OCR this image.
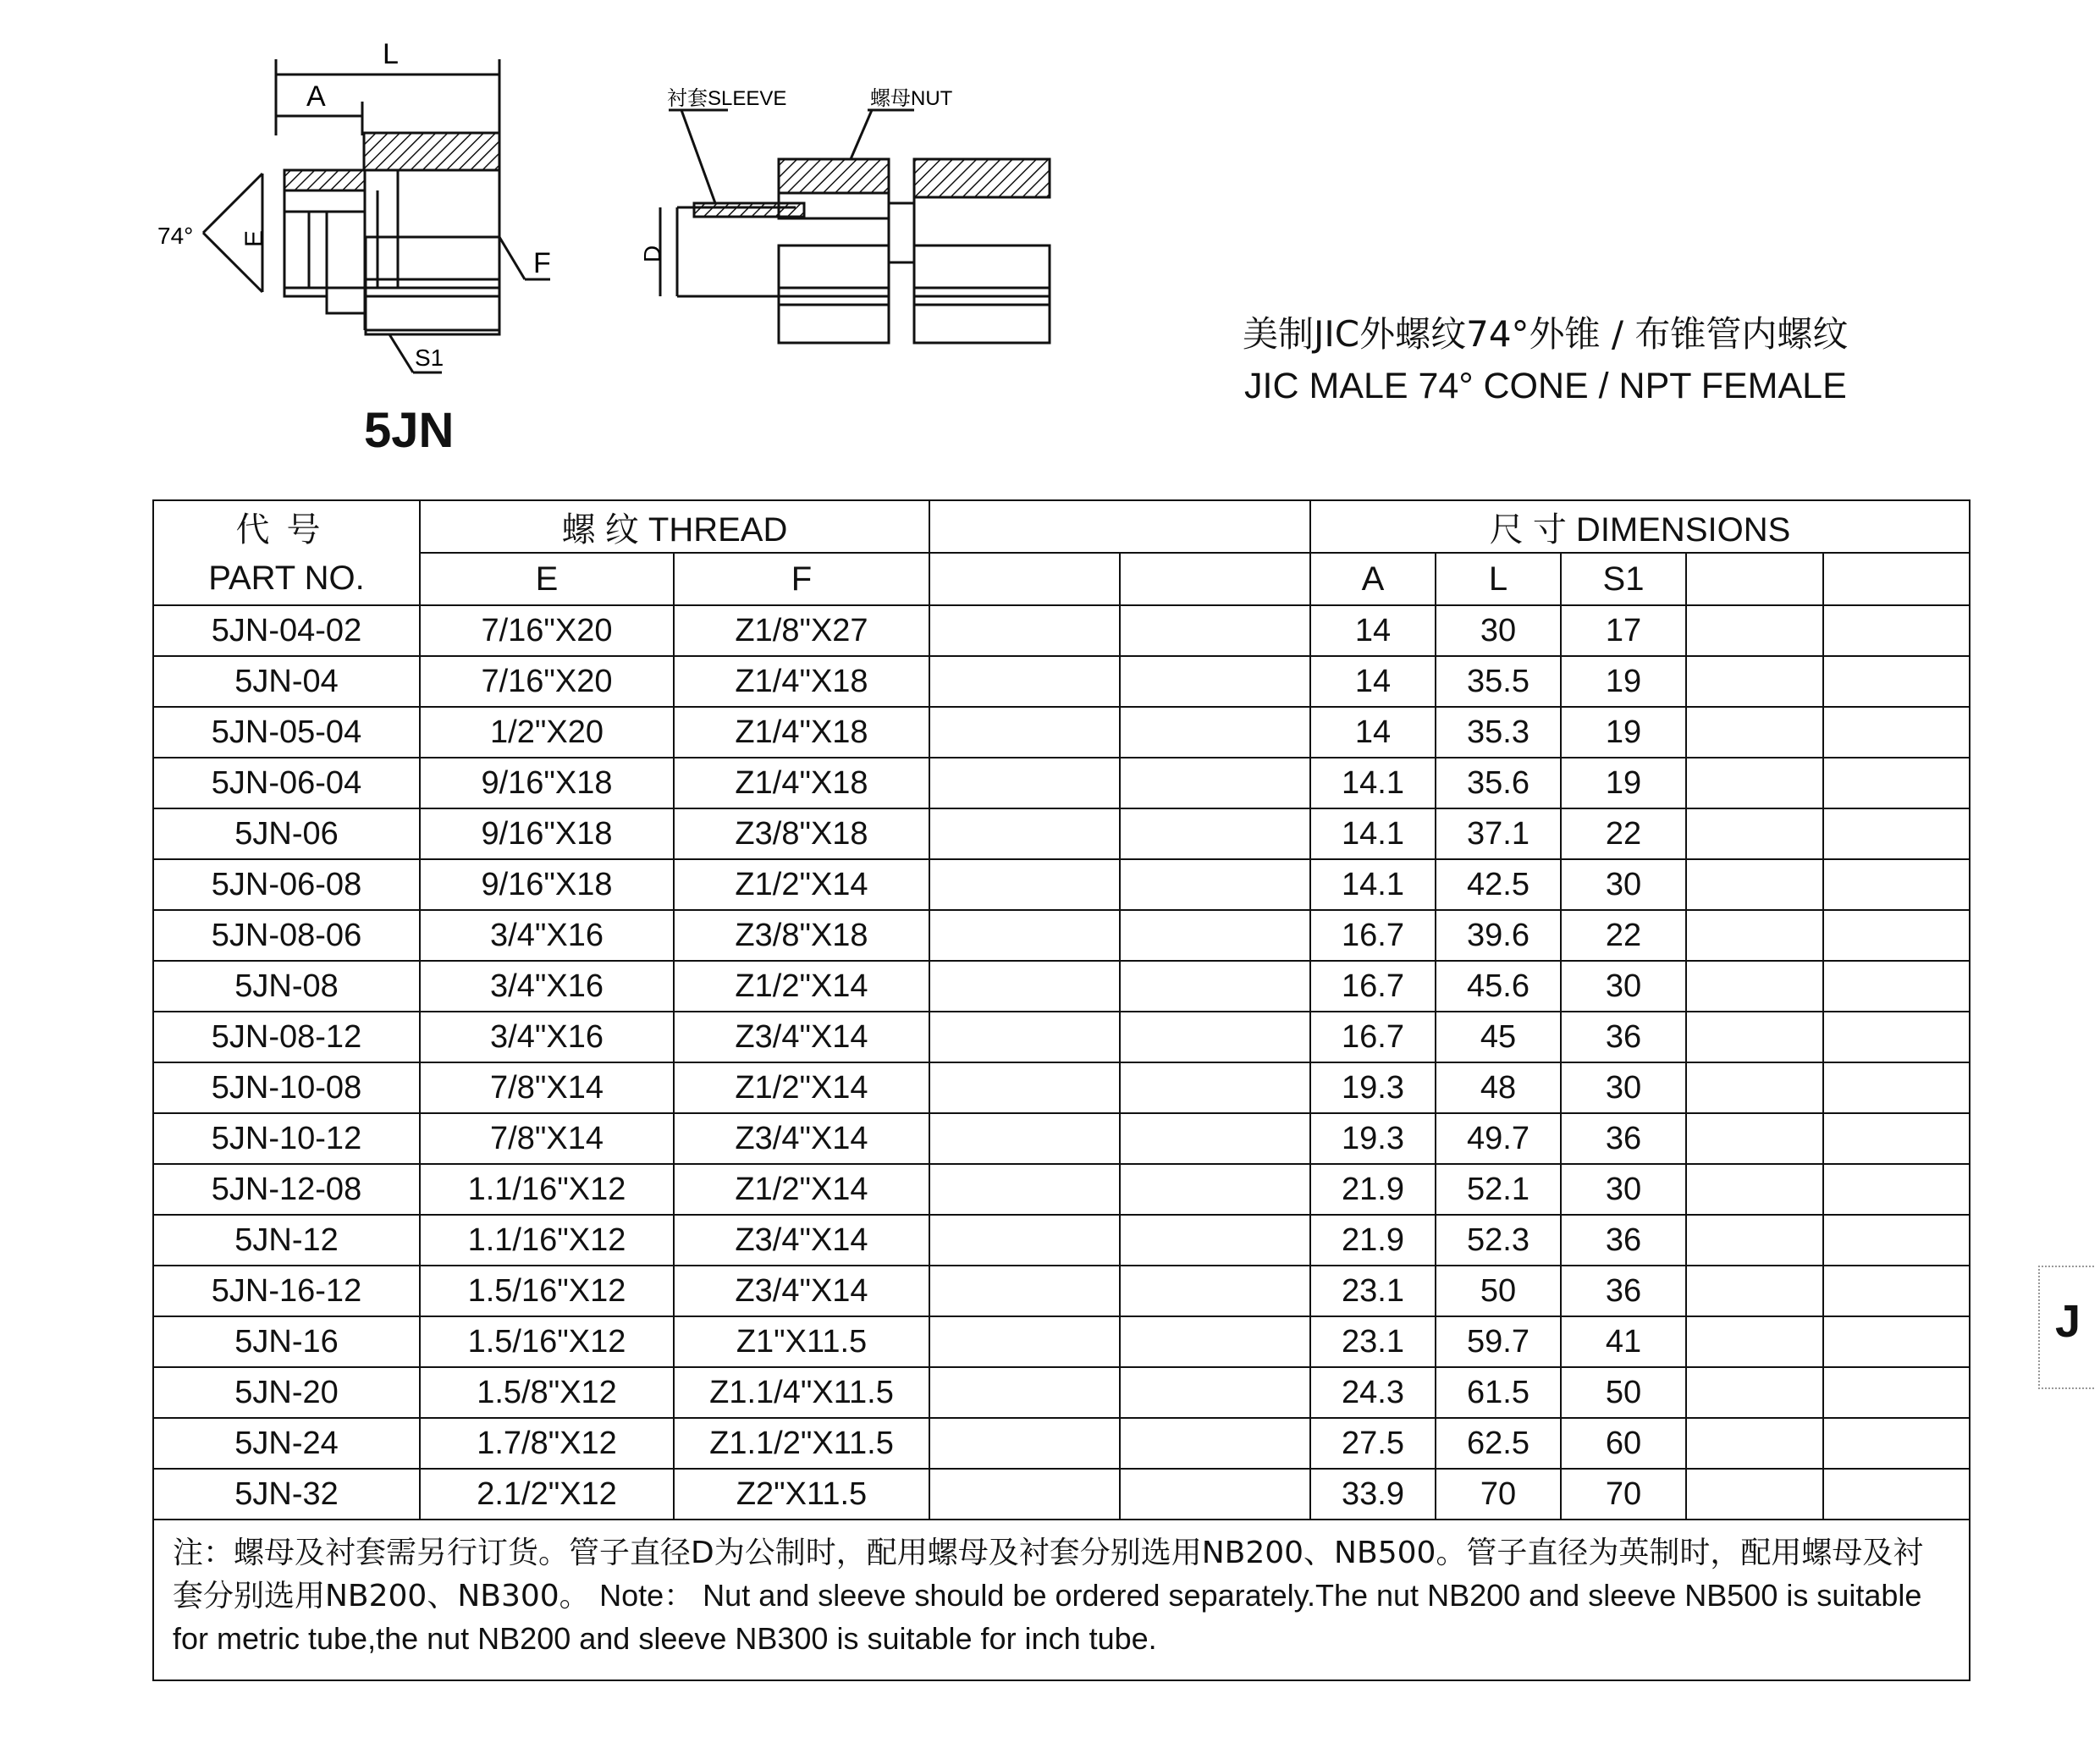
L
A
E
74°
F
S1
D
衬套SLEEVE	螺母NUT
5JN
美制JIC外螺纹74°外锥 / 布锥管内螺纹
JIC MALE 74° CONE / NPT FEMALE
代号	螺 纹 THREAD				尺 寸 DIMENSIONS				
PART NO.	E	F			A	L	S1		
5JN-04-02	7/16"X20	Z1/8"X27			14	30	17		
5JN-04	7/16"X20	Z1/4"X18			14	35.5	19		
5JN-05-04	1/2"X20	Z1/4"X18			14	35.3	19		
5JN-06-04	9/16"X18	Z1/4"X18			14.1	35.6	19		
5JN-06	9/16"X18	Z3/8"X18			14.1	37.1	22		
5JN-06-08	9/16"X18	Z1/2"X14			14.1	42.5	30		
5JN-08-06	3/4"X16	Z3/8"X18			16.7	39.6	22		
5JN-08	3/4"X16	Z1/2"X14			16.7	45.6	30		
5JN-08-12	3/4"X16	Z3/4"X14			16.7	45	36		
5JN-10-08	7/8"X14	Z1/2"X14			19.3	48	30		
5JN-10-12	7/8"X14	Z3/4"X14			19.3	49.7	36		
5JN-12-08	1.1/16"X12	Z1/2"X14			21.9	52.1	30		
5JN-12	1.1/16"X12	Z3/4"X14			21.9	52.3	36		
5JN-16-12	1.5/16"X12	Z3/4"X14			23.1	50	36		
5JN-16	1.5/16"X12	Z1"X11.5			23.1	59.7	41		
5JN-20	1.5/8"X12	Z1.1/4"X11.5			24.3	61.5	50		
5JN-24	1.7/8"X12	Z1.1/2"X11.5			27.5	62.5	60		
5JN-32	2.1/2"X12	Z2"X11.5			33.9	70	70		
注：螺母及衬套需另行订货。管子直径D为公制时，配用螺母及衬套分别选用NB200、NB500。管子直径为英制时，配用螺母及衬套分别选用NB200、NB300。 Note： Nut and sleeve should be ordered separately.The nut NB200 and sleeve NB500 is suitable for metric tube,the nut NB200 and sleeve NB300 is suitable for inch tube.									
J
